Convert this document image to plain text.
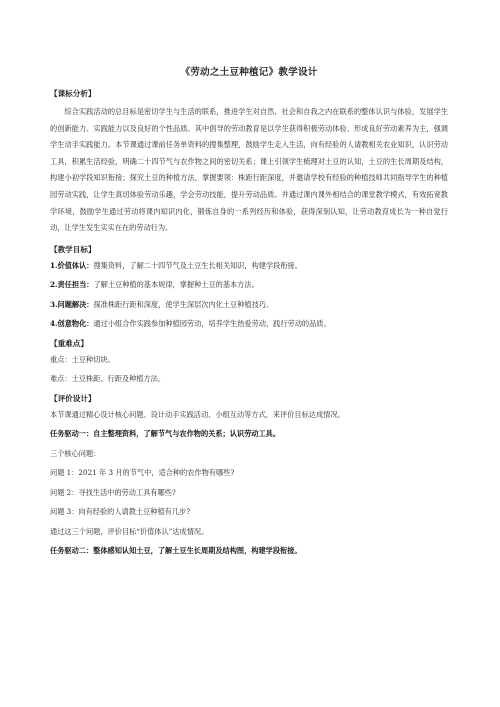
《劳动之土豆种植记》教学设计
【课标分析】

综合实践活动的总目标是密切学生与生活的联系，推进学生对自然、社会和自我之内在联系的整体认识与体验，发展学生的创新能力、实践能力以及良好的个性品质。其中倡导的劳动教育是以学生获得积极劳动体验、形成良好劳动素养为主，强调学生动手实践能力。本节课通过课前任务单资料的搜集整理，鼓励学生走入生活，向有经验的人请教相关农业知识，认识劳动工具，积累生活经验，明确二十四节气与农作物之间的密切关系；课上引领学生梳理对土豆的认知，土豆的生长周期及结构，构建小初学段知识衔接；探究土豆的种植方法，掌握要领：株距行距深度，并邀请学校有经验的种植技师共同指导学生的种植园劳动实践，让学生真切体验劳动乐趣，学会劳动技能，提升劳动品质。并通过课内课外相结合的课堂教学模式，有效拓宽教学环境，鼓励学生通过劳动将课内知识内化，锻炼自身的一系列经历和体验，获得深刻认知，让劳动教育成长为一种自觉行动，让学生发生实实在在的劳动行为。

【教学目标】
1.价值体认：搜集资料，了解二十四节气及土豆生长相关知识，构建学段衔接。
2.责任担当：了解土豆种植的基本规律，掌握种土豆的基本方法。
3.问题解决：探准株距行距和深度，使学生深层次内化土豆种植技巧。
4.创意物化：通过小组合作实践参加种植园劳动，培养学生热爱劳动，践行劳动的品质。
【重难点】
重点：土豆种切块。
难点：土豆株距、行距及种植方法。
【评价设计】
本节课通过精心设计核心问题、设计动手实践活动、小组互动等方式，来评价目标达成情况。
任务驱动一：自主整理资料，了解节气与农作物的关系；认识劳动工具。
三个核心问题：
问题 1：2021 年 3 月的节气中，适合种的农作物有哪些?
问题 2：寻找生活中的劳动工具有哪些?
问题 3：向有经验的人请教土豆种植有几步?
通过这三个问题，评价目标“价值体认”达成情况。
任务驱动二：整体感知认知土豆，了解土豆生长周期及结构图，构建学段衔接。
